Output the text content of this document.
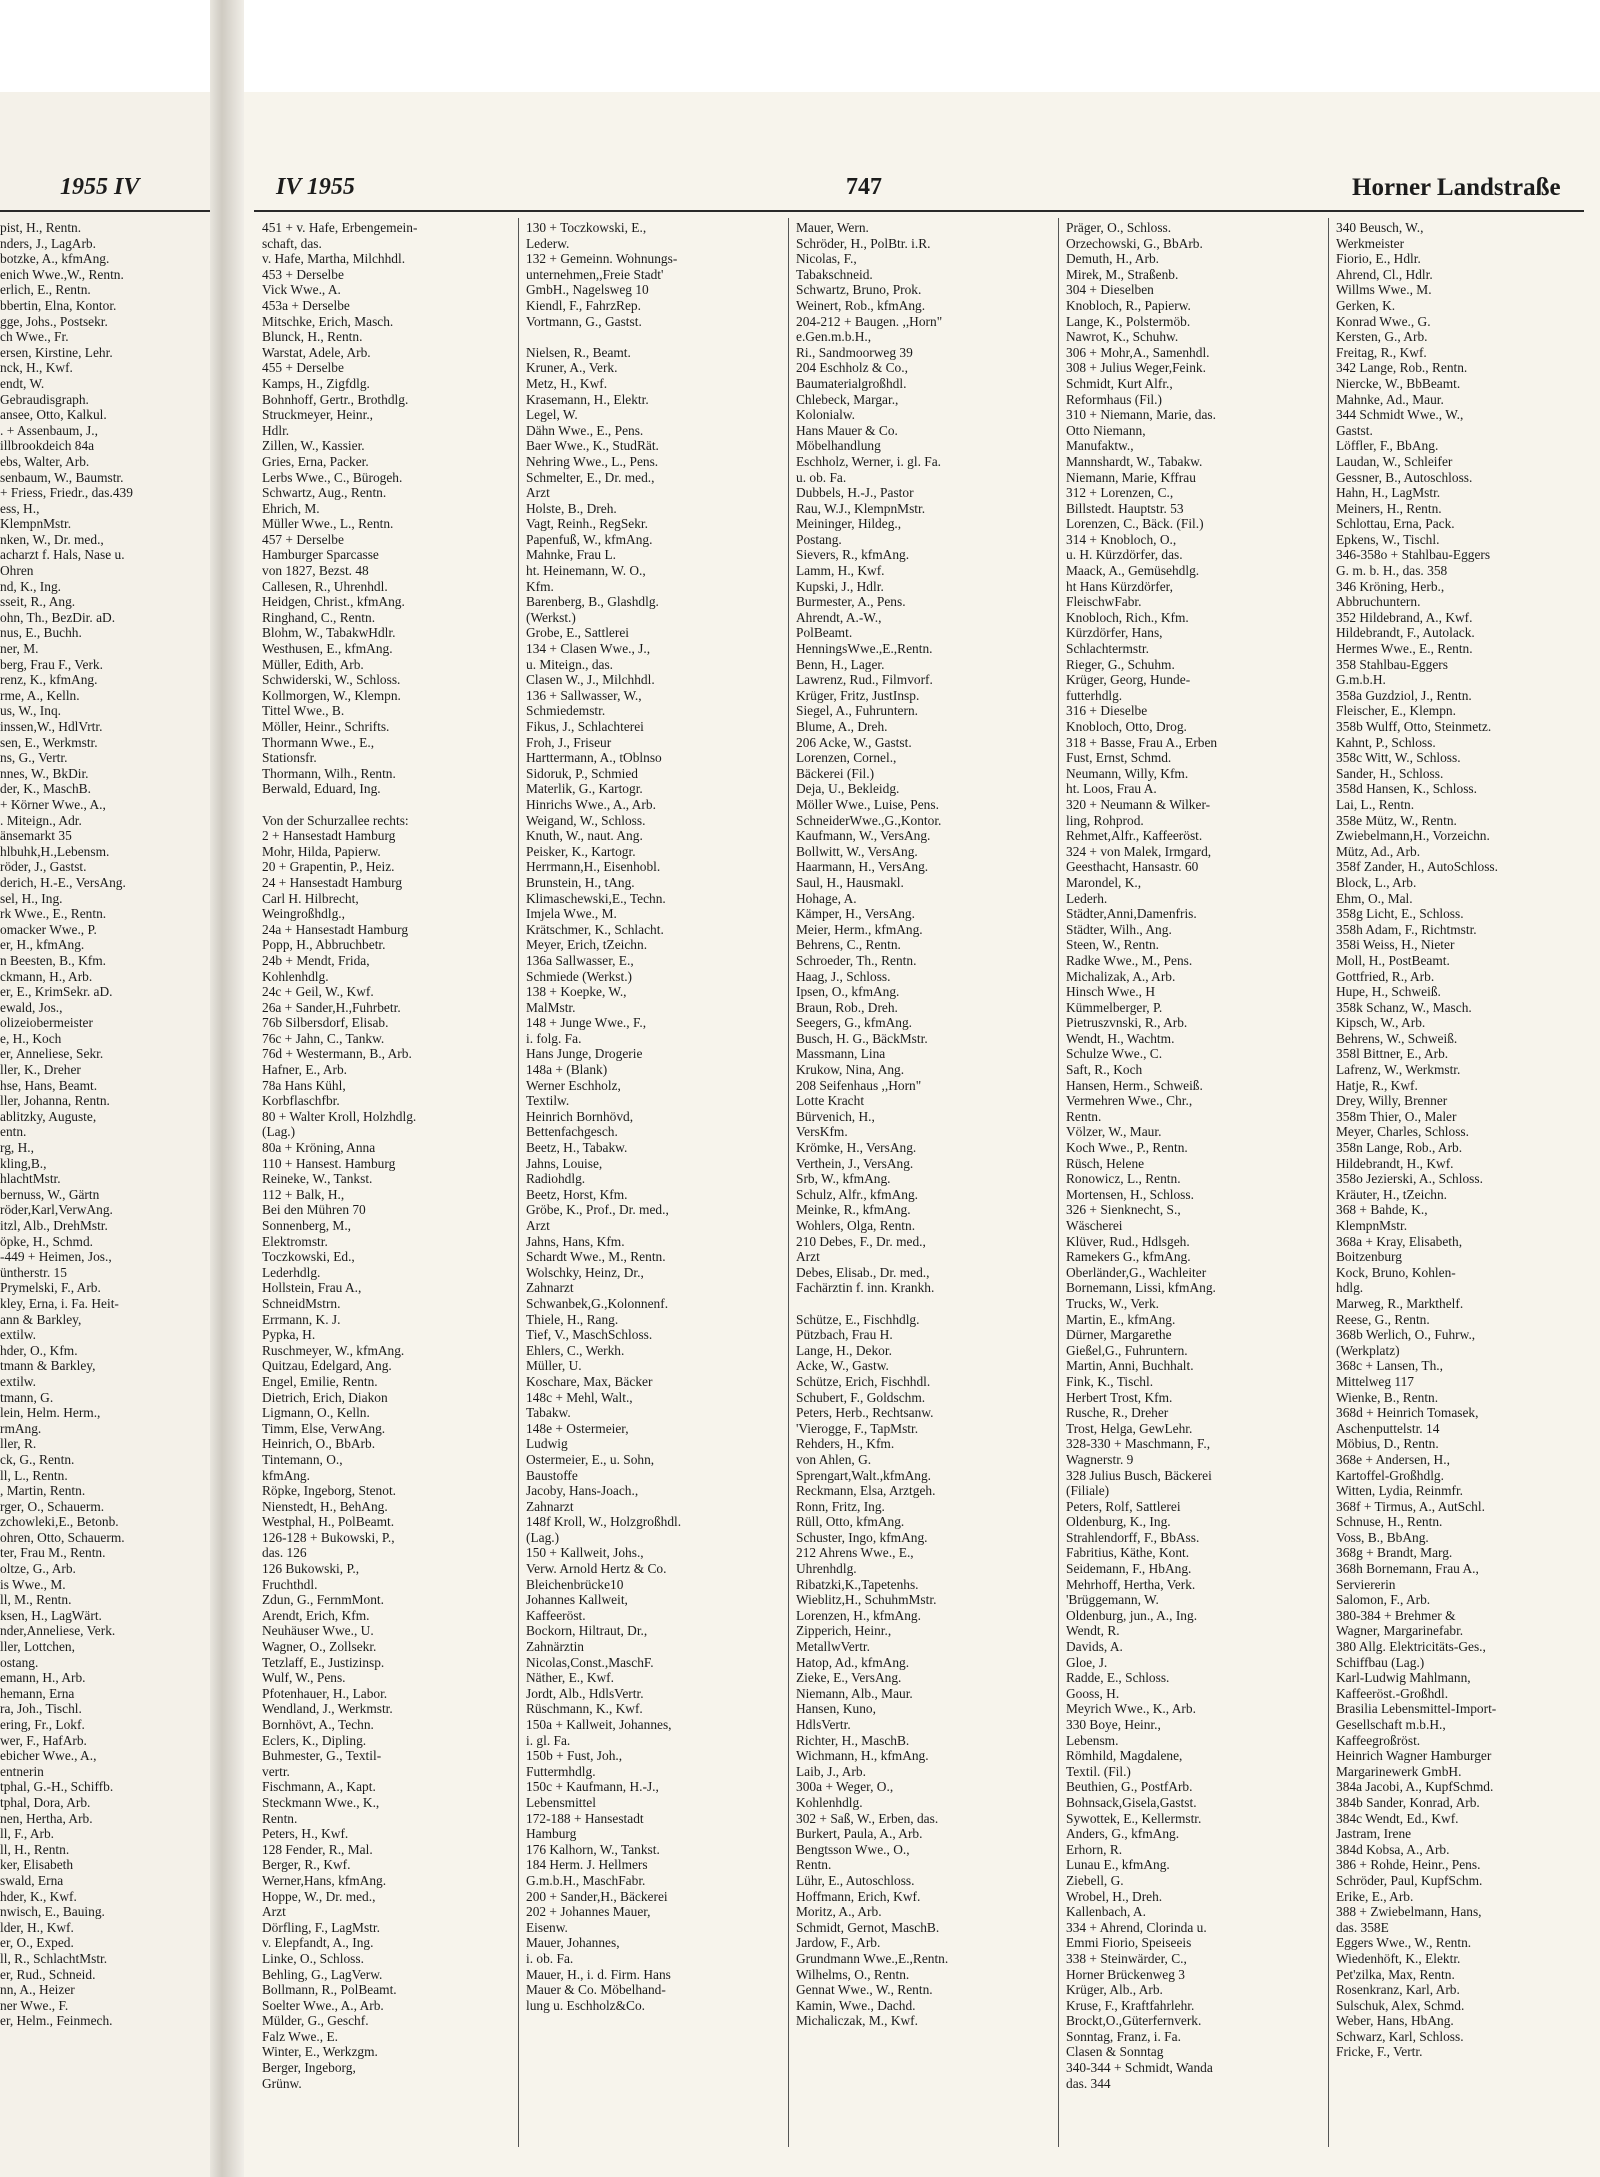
1955 IV
pist, H., Rentn.
nders, J., LagArb.
botzke, A., kfmAng.
enich Wwe.,W., Rentn.
erlich, E., Rentn.
bbertin, Elna, Kontor.
gge, Johs., Postsekr.
ch Wwe., Fr.
ersen, Kirstine, Lehr.
nck, H., Kwf.
endt, W.
Gebraudisgraph.
ansee, Otto, Kalkul.
. + Assenbaum, J.,
illbrookdeich 84a
ebs, Walter, Arb.
senbaum, W., Baumstr.
+ Friess, Friedr., das.439
ess, H.,
KlempnMstr.
nken, W., Dr. med.,
acharzt f. Hals, Nase u.
Ohren
nd, K., Ing.
sseit, R., Ang.
ohn, Th., BezDir. aD.
nus, E., Buchh.
ner, M.
berg, Frau F., Verk.
renz, K., kfmAng.
rme, A., Kelln.
us, W., Inq.
inssen,W., HdlVrtr.
sen, E., Werkmstr.
ns, G., Vertr.
nnes, W., BkDir.
der, K., MaschB.
+ Körner Wwe., A.,
. Miteign., Adr.
änsemarkt 35
hlbuhk,H.,Lebensm.
röder, J., Gastst.
derich, H.-E., VersAng.
sel, H., Ing.
rk Wwe., E., Rentn.
omacker Wwe., P.
er, H., kfmAng.
n Beesten, B., Kfm.
ckmann, H., Arb.
er, E., KrimSekr. aD.
ewald, Jos.,
olizeiobermeister
e, H., Koch
er, Anneliese, Sekr.
ller, K., Dreher
hse, Hans, Beamt.
ller, Johanna, Rentn.
ablitzky, Auguste,
entn.
rg, H.,
kling,B.,
hlachtMstr.
bernuss, W., Gärtn
röder,Karl,VerwAng.
itzl, Alb., DrehMstr.
öpke, H., Schmd.
-449 + Heimen, Jos.,
üntherstr. 15
Prymelski, F., Arb.
kley, Erna, i. Fa. Heit-
ann & Barkley,
extilw.
hder, O., Kfm.
tmann & Barkley,
extilw.
tmann, G.
lein, Helm. Herm.,
rmAng.
ller, R.
ck, G., Rentn.
ll, L., Rentn.
, Martin, Rentn.
rger, O., Schauerm.
zchowleki,E., Betonb.
ohren, Otto, Schauerm.
ter, Frau M., Rentn.
oltze, G., Arb.
is Wwe., M.
ll, M., Rentn.
ksen, H., LagWärt.
nder,Anneliese, Verk.
ller, Lottchen,
ostang.
emann, H., Arb.
hemann, Erna
ra, Joh., Tischl.
ering, Fr., Lokf.
wer, F., HafArb.
ebicher Wwe., A.,
entnerin
tphal, G.-H., Schiffb.
tphal, Dora, Arb.
nen, Hertha, Arb.
ll, F., Arb.
ll, H., Rentn.
ker, Elisabeth
swald, Erna
hder, K., Kwf.
nwisch, E., Bauing.
lder, H., Kwf.
er, O., Exped.
ll, R., SchlachtMstr.
er, Rud., Schneid.
nn, A., Heizer
ner Wwe., F.
er, Helm., Feinmech.
IV 1955	747	Horner Landstraße
451 + v. Hafe, Erbengemein-
schaft, das.
v. Hafe, Martha, Milchhdl.
453 + Derselbe
Vick Wwe., A.
453a + Derselbe
Mitschke, Erich, Masch.
Blunck, H., Rentn.
Warstat, Adele, Arb.
455 + Derselbe
Kamps, H., Zigfdlg.
Bohnhoff, Gertr., Brothdlg.
Struckmeyer, Heinr.,
Hdlr.
Zillen, W., Kassier.
Gries, Erna, Packer.
Lerbs Wwe., C., Bürogeh.
Schwartz, Aug., Rentn.
Ehrich, M.
Müller Wwe., L., Rentn.
457 + Derselbe
Hamburger Sparcasse
von 1827, Bezst. 48
Callesen, R., Uhrenhdl.
Heidgen, Christ., kfmAng.
Ringhand, C., Rentn.
Blohm, W., TabakwHdlr.
Westhusen, E., kfmAng.
Müller, Edith, Arb.
Schwiderski, W., Schloss.
Kollmorgen, W., Klempn.
Tittel Wwe., B.
Möller, Heinr., Schrifts.
Thormann Wwe., E.,
Stationsfr.
Thormann, Wilh., Rentn.
Berwald, Eduard, Ing.

Von der Schurzallee rechts:
2 + Hansestadt Hamburg
Mohr, Hilda, Papierw.
20 + Grapentin, P., Heiz.
24 + Hansestadt Hamburg
Carl H. Hilbrecht,
Weingroßhdlg.,
24a + Hansestadt Hamburg
Popp, H., Abbruchbetr.
24b + Mendt, Frida,
Kohlenhdlg.
24c + Geil, W., Kwf.
26a + Sander,H.,Fuhrbetr.
76b Silbersdorf, Elisab.
76c + Jahn, C., Tankw.
76d + Westermann, B., Arb.
Hafner, E., Arb.
78a Hans Kühl,
Korbflaschfbr.
80 + Walter Kroll, Holzhdlg.
(Lag.)
80a + Kröning, Anna
110 + Hansest. Hamburg
Reineke, W., Tankst.
112 + Balk, H.,
Bei den Mühren 70
Sonnenberg, M.,
Elektromstr.
Toczkowski, Ed.,
Lederhdlg.
Hollstein, Frau A.,
SchneidMstrn.
Errmann, K. J.
Pypka, H.
Ruschmeyer, W., kfmAng.
Quitzau, Edelgard, Ang.
Engel, Emilie, Rentn.
Dietrich, Erich, Diakon
Ligmann, O., Kelln.
Timm, Else, VerwAng.
Heinrich, O., BbArb.
Tintemann, O.,
kfmAng.
Röpke, Ingeborg, Stenot.
Nienstedt, H., BehAng.
Westphal, H., PolBeamt.
126-128 + Bukowski, P.,
das. 126
126 Bukowski, P.,
Fruchthdl.
Zdun, G., FernmMont.
Arendt, Erich, Kfm.
Neuhäuser Wwe., U.
Wagner, O., Zollsekr.
Tetzlaff, E., Justizinsp.
Wulf, W., Pens.
Pfotenhauer, H., Labor.
Wendland, J., Werkmstr.
Bornhövt, A., Techn.
Eclers, K., Dipling.
Buhmester, G., Textil-
vertr.
Fischmann, A., Kapt.
Steckmann Wwe., K.,
Rentn.
Peters, H., Kwf.
128 Fender, R., Mal.
Berger, R., Kwf.
Werner,Hans, kfmAng.
Hoppe, W., Dr. med.,
Arzt
Dörfling, F., LagMstr.
v. Elepfandt, A., Ing.
Linke, O., Schloss.
Behling, G., LagVerw.
Bollmann, R., PolBeamt.
Soelter Wwe., A., Arb.
Mülder, G., Geschf.
Falz Wwe., E.
Winter, E., Werkzgm.
Berger, Ingeborg,
Grünw.
130 + Toczkowski, E.,
Lederw.
132 + Gemeinn. Wohnungs-
unternehmen,,Freie Stadt'
GmbH., Nagelsweg 10
Kiendl, F., FahrzRep.
Vortmann, G., Gastst.

Nielsen, R., Beamt.
Kruner, A., Verk.
Metz, H., Kwf.
Krasemann, H., Elektr.
Legel, W.
Dähn Wwe., E., Pens.
Baer Wwe., K., StudRät.
Nehring Wwe., L., Pens.
Schmelter, E., Dr. med.,
Arzt
Holste, B., Dreh.
Vagt, Reinh., RegSekr.
Papenfuß, W., kfmAng.
Mahnke, Frau L.
ht. Heinemann, W. O.,
Kfm.
Barenberg, B., Glashdlg.
(Werkst.)
Grobe, E., Sattlerei
134 + Clasen Wwe., J.,
u. Miteign., das.
Clasen W., J., Milchhdl.
136 + Sallwasser, W.,
Schmiedemstr.
Fikus, J., Schlachterei
Froh, J., Friseur
Harttermann, A., tOblnso
Sidoruk, P., Schmied
Materlik, G., Kartogr.
Hinrichs Wwe., A., Arb.
Weigand, W., Schloss.
Knuth, W., naut. Ang.
Peisker, K., Kartogr.
Herrmann,H., Eisenhobl.
Brunstein, H., tAng.
Klimaschewski,E., Techn.
Imjela Wwe., M.
Krätschmer, K., Schlacht.
Meyer, Erich, tZeichn.
136a Sallwasser, E.,
Schmiede (Werkst.)
138 + Koepke, W.,
MalMstr.
148 + Junge Wwe., F.,
i. folg. Fa.
Hans Junge, Drogerie
148a + (Blank)
Werner Eschholz,
Textilw.
Heinrich Bornhövd,
Bettenfachgesch.
Beetz, H., Tabakw.
Jahns, Louise,
Radiohdlg.
Beetz, Horst, Kfm.
Gröbe, K., Prof., Dr. med.,
Arzt
Jahns, Hans, Kfm.
Schardt Wwe., M., Rentn.
Wolschky, Heinz, Dr.,
Zahnarzt
Schwanbek,G.,Kolonnenf.
Thiele, H., Rang.
Tief, V., MaschSchloss.
Ehlers, C., Werkh.
Müller, U.
Koschare, Max, Bäcker
148c + Mehl, Walt.,
Tabakw.
148e + Ostermeier,
Ludwig
Ostermeier, E., u. Sohn,
Baustoffe
Jacoby, Hans-Joach.,
Zahnarzt
148f Kroll, W., Holzgroßhdl.
(Lag.)
150 + Kallweit, Johs.,
Verw. Arnold Hertz & Co.
Bleichenbrücke10
Johannes Kallweit,
Kaffeeröst.
Bockorn, Hiltraut, Dr.,
Zahnärztin
Nicolas,Const.,MaschF.
Näther, E., Kwf.
Jordt, Alb., HdlsVertr.
Rüschmann, K., Kwf.
150a + Kallweit, Johannes,
i. gl. Fa.
150b + Fust, Joh.,
Futtermhdlg.
150c + Kaufmann, H.-J.,
Lebensmittel
172-188 + Hansestadt
Hamburg
176 Kalhorn, W., Tankst.
184 Herm. J. Hellmers
G.m.b.H., MaschFabr.
200 + Sander,H., Bäckerei
202 + Johannes Mauer,
Eisenw.
Mauer, Johannes,
i. ob. Fa.
Mauer, H., i. d. Firm. Hans
Mauer & Co. Möbelhand-
lung u. Eschholz&Co.
Mauer, Wern.
Schröder, H., PolBtr. i.R.
Nicolas, F.,
Tabakschneid.
Schwartz, Bruno, Prok.
Weinert, Rob., kfmAng.
204-212 + Baugen. ,,Horn"
e.Gen.m.b.H.,
Ri., Sandmoorweg 39
204 Eschholz & Co.,
Baumaterialgroßhdl.
Chlebeck, Margar.,
Kolonialw.
Hans Mauer & Co.
Möbelhandlung
Eschholz, Werner, i. gl. Fa.
u. ob. Fa.
Dubbels, H.-J., Pastor
Rau, W.J., KlempnMstr.
Meininger, Hildeg.,
Postang.
Sievers, R., kfmAng.
Lamm, H., Kwf.
Kupski, J., Hdlr.
Burmester, A., Pens.
Ahrendt, A.-W.,
PolBeamt.
HenningsWwe.,E.,Rentn.
Benn, H., Lager.
Lawrenz, Rud., Filmvorf.
Krüger, Fritz, JustInsp.
Siegel, A., Fuhruntern.
Blume, A., Dreh.
206 Acke, W., Gastst.
Lorenzen, Cornel.,
Bäckerei (Fil.)
Deja, U., Bekleidg.
Möller Wwe., Luise, Pens.
SchneiderWwe.,G.,Kontor.
Kaufmann, W., VersAng.
Bollwitt, W., VersAng.
Haarmann, H., VersAng.
Saul, H., Hausmakl.
Hohage, A.
Kämper, H., VersAng.
Meier, Herm., kfmAng.
Behrens, C., Rentn.
Schroeder, Th., Rentn.
Haag, J., Schloss.
Ipsen, O., kfmAng.
Braun, Rob., Dreh.
Seegers, G., kfmAng.
Busch, H. G., BäckMstr.
Massmann, Lina
Krukow, Nina, Ang.
208 Seifenhaus ,,Horn"
Lotte Kracht
Bürvenich, H.,
VersKfm.
Krömke, H., VersAng.
Verthein, J., VersAng.
Srb, W., kfmAng.
Schulz, Alfr., kfmAng.
Meinke, R., kfmAng.
Wohlers, Olga, Rentn.
210 Debes, F., Dr. med.,
Arzt
Debes, Elisab., Dr. med.,
Fachärztin f. inn. Krankh.

Schütze, E., Fischhdlg.
Pützbach, Frau H.
Lange, H., Dekor.
Acke, W., Gastw.
Schütze, Erich, Fischhdl.
Schubert, F., Goldschm.
Peters, Herb., Rechtsanw.
'Vierogge, F., TapMstr.
Rehders, H., Kfm.
von Ahlen, G.
Sprengart,Walt.,kfmAng.
Reckmann, Elsa, Arztgeh.
Ronn, Fritz, Ing.
Rüll, Otto, kfmAng.
Schuster, Ingo, kfmAng.
212 Ahrens Wwe., E.,
Uhrenhdlg.
Ribatzki,K.,Tapetenhs.
Wieblitz,H., SchuhmMstr.
Lorenzen, H., kfmAng.
Zipperich, Heinr.,
MetallwVertr.
Hatop, Ad., kfmAng.
Zieke, E., VersAng.
Niemann, Alb., Maur.
Hansen, Kuno,
HdlsVertr.
Richter, H., MaschB.
Wichmann, H., kfmAng.
Laib, J., Arb.
300a + Weger, O.,
Kohlenhdlg.
302 + Saß, W., Erben, das.
Burkert, Paula, A., Arb.
Bengtsson Wwe., O.,
Rentn.
Lühr, E., Autoschloss.
Hoffmann, Erich, Kwf.
Moritz, A., Arb.
Schmidt, Gernot, MaschB.
Jardow, F., Arb.
Grundmann Wwe.,E.,Rentn.
Wilhelms, O., Rentn.
Gennat Wwe., W., Rentn.
Kamin, Wwe., Dachd.
Michaliczak, M., Kwf.
Präger, O., Schloss.
Orzechowski, G., BbArb.
Demuth, H., Arb.
Mirek, M., Straßenb.
304 + Dieselben
Knobloch, R., Papierw.
Lange, K., Polstermöb.
Nawrot, K., Schuhw.
306 + Mohr,A., Samenhdl.
308 + Julius Weger,Feink.
Schmidt, Kurt Alfr.,
Reformhaus (Fil.)
310 + Niemann, Marie, das.
Otto Niemann,
Manufaktw.,
Mannshardt, W., Tabakw.
Niemann, Marie, Kffrau
312 + Lorenzen, C.,
Billstedt. Hauptstr. 53
Lorenzen, C., Bäck. (Fil.)
314 + Knobloch, O.,
u. H. Kürzdörfer, das.
Maack, A., Gemüsehdlg.
ht Hans Kürzdörfer,
FleischwFabr.
Knobloch, Rich., Kfm.
Kürzdörfer, Hans,
Schlachtermstr.
Rieger, G., Schuhm.
Krüger, Georg, Hunde-
futterhdlg.
316 + Dieselbe
Knobloch, Otto, Drog.
318 + Basse, Frau A., Erben
Fust, Ernst, Schmd.
Neumann, Willy, Kfm.
ht. Loos, Frau A.
320 + Neumann & Wilker-
ling, Rohprod.
Rehmet,Alfr., Kaffeeröst.
324 + von Malek, Irmgard,
Geesthacht, Hansastr. 60
Marondel, K.,
Lederh.
Städter,Anni,Damenfris.
Städter, Wilh., Ang.
Steen, W., Rentn.
Radke Wwe., M., Pens.
Michalizak, A., Arb.
Hinsch Wwe., H
Kümmelberger, P.
Pietruszvnski, R., Arb.
Wendt, H., Wachtm.
Schulze Wwe., C.
Saft, R., Koch
Hansen, Herm., Schweiß.
Vermehren Wwe., Chr.,
Rentn.
Völzer, W., Maur.
Koch Wwe., P., Rentn.
Rüsch, Helene
Ronowicz, L., Rentn.
Mortensen, H., Schloss.
326 + Sienknecht, S.,
Wäscherei
Klüver, Rud., Hdlsgeh.
Ramekers G., kfmAng.
Oberländer,G., Wachleiter
Bornemann, Lissi, kfmAng.
Trucks, W., Verk.
Martin, E., kfmAng.
Dürner, Margarethe
Gießel,G., Fuhruntern.
Martin, Anni, Buchhalt.
Fink, K., Tischl.
Herbert Trost, Kfm.
Rusche, R., Dreher
Trost, Helga, GewLehr.
328-330 + Maschmann, F.,
Wagnerstr. 9
328 Julius Busch, Bäckerei
(Filiale)
Peters, Rolf, Sattlerei
Oldenburg, K., Ing.
Strahlendorff, F., BbAss.
Fabritius, Käthe, Kont.
Seidemann, F., HbAng.
Mehrhoff, Hertha, Verk.
'Brüggemann, W.
Oldenburg, jun., A., Ing.
Wendt, R.
Davids, A.
Gloe, J.
Radde, E., Schloss.
Gooss, H.
Meyrich Wwe., K., Arb.
330 Boye, Heinr.,
Lebensm.
Römhild, Magdalene,
Textil. (Fil.)
Beuthien, G., PostfArb.
Bohnsack,Gisela,Gastst.
Sywottek, E., Kellermstr.
Anders, G., kfmAng.
Erhorn, R.
Lunau E., kfmAng.
Ziebell, G.
Wrobel, H., Dreh.
Kallenbach, A.
334 + Ahrend, Clorinda u.
Emmi Fiorio, Speiseeis
338 + Steinwärder, C.,
Horner Brückenweg 3
Krüger, Alb., Arb.
Kruse, F., Kraftfahrlehr.
Brockt,O.,Güterfernverk.
Sonntag, Franz, i. Fa.
Clasen & Sonntag
340-344 + Schmidt, Wanda
das. 344
340 Beusch, W.,
Werkmeister
Fiorio, E., Hdlr.
Ahrend, Cl., Hdlr.
Willms Wwe., M.
Gerken, K.
Konrad Wwe., G.
Kersten, G., Arb.
Freitag, R., Kwf.
342 Lange, Rob., Rentn.
Niercke, W., BbBeamt.
Mahnke, Ad., Maur.
344 Schmidt Wwe., W.,
Gastst.
Löffler, F., BbAng.
Laudan, W., Schleifer
Gessner, B., Autoschloss.
Hahn, H., LagMstr.
Meiners, H., Rentn.
Schlottau, Erna, Pack.
Epkens, W., Tischl.
346-358o + Stahlbau-Eggers
G. m. b. H., das. 358
346 Kröning, Herb.,
Abbruchuntern.
352 Hildebrand, A., Kwf.
Hildebrandt, F., Autolack.
Hermes Wwe., E., Rentn.
358 Stahlbau-Eggers
G.m.b.H.
358a Guzdziol, J., Rentn.
Fleischer, E., Klempn.
358b Wulff, Otto, Steinmetz.
Kahnt, P., Schloss.
358c Witt, W., Schloss.
Sander, H., Schloss.
358d Hansen, K., Schloss.
Lai, L., Rentn.
358e Mütz, W., Rentn.
Zwiebelmann,H., Vorzeichn.
Mütz, Ad., Arb.
358f Zander, H., AutoSchloss.
Block, L., Arb.
Ehm, O., Mal.
358g Licht, E., Schloss.
358h Adam, F., Richtmstr.
358i Weiss, H., Nieter
Moll, H., PostBeamt.
Gottfried, R., Arb.
Hupe, H., Schweiß.
358k Schanz, W., Masch.
Kipsch, W., Arb.
Behrens, W., Schweiß.
358l Bittner, E., Arb.
Lafrenz, W., Werkmstr.
Hatje, R., Kwf.
Drey, Willy, Brenner
358m Thier, O., Maler
Meyer, Charles, Schloss.
358n Lange, Rob., Arb.
Hildebrandt, H., Kwf.
358o Jezierski, A., Schloss.
Kräuter, H., tZeichn.
368 + Bahde, K.,
KlempnMstr.
368a + Kray, Elisabeth,
Boitzenburg
Kock, Bruno, Kohlen-
hdlg.
Marweg, R., Markthelf.
Reese, G., Rentn.
368b Werlich, O., Fuhrw.,
(Werkplatz)
368c + Lansen, Th.,
Mittelweg 117
Wienke, B., Rentn.
368d + Heinrich Tomasek,
Aschenputtelstr. 14
Möbius, D., Rentn.
368e + Andersen, H.,
Kartoffel-Großhdlg.
Witten, Lydia, Reinmfr.
368f + Tirmus, A., AutSchl.
Schnuse, H., Rentn.
Voss, B., BbAng.
368g + Brandt, Marg.
368h Bornemann, Frau A.,
Serviererin
Salomon, F., Arb.
380-384 + Brehmer &
Wagner, Margarinefabr.
380 Allg. Elektricitäts-Ges.,
Schiffbau (Lag.)
Karl-Ludwig Mahlmann,
Kaffeeröst.-Großhdl.
Brasilia Lebensmittel-Import-
Gesellschaft m.b.H.,
Kaffeegroßröst.
Heinrich Wagner Hamburger
Margarinewerk GmbH.
384a Jacobi, A., KupfSchmd.
384b Sander, Konrad, Arb.
384c Wendt, Ed., Kwf.
Jastram, Irene
384d Kobsa, A., Arb.
386 + Rohde, Heinr., Pens.
Schröder, Paul, KupfSchm.
Erike, E., Arb.
388 + Zwiebelmann, Hans,
das. 358E
Eggers Wwe., W., Rentn.
Wiedenhöft, K., Elektr.
Pet'zilka, Max, Rentn.
Rosenkranz, Karl, Arb.
Sulschuk, Alex, Schmd.
Weber, Hans, HbAng.
Schwarz, Karl, Schloss.
Fricke, F., Vertr.
